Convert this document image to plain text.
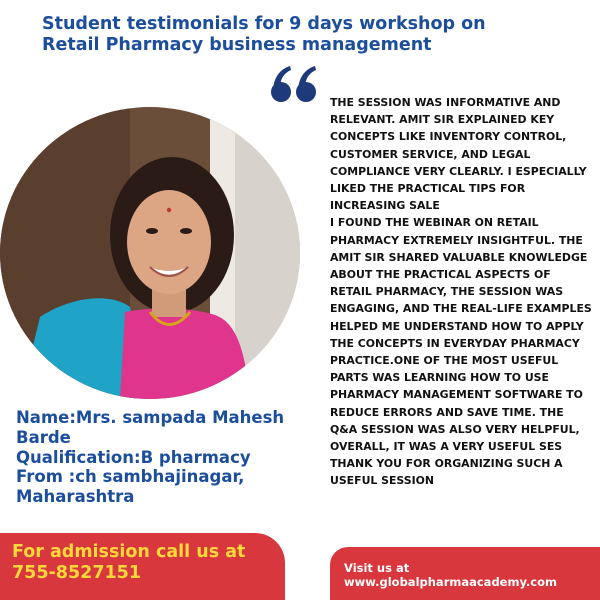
Student testimonials for 9 days workshop on Retail Pharmacy business management

THE SESSION WAS INFORMATIVE AND RELEVANT. AMIT SIR EXPLAINED KEY CONCEPTS LIKE INVENTORY CONTROL, CUSTOMER SERVICE, AND LEGAL COMPLIANCE VERY CLEARLY. I ESPECIALLY LIKED THE PRACTICAL TIPS FOR INCREASING SALE
I FOUND THE WEBINAR ON RETAIL PHARMACY EXTREMELY INSIGHTFUL. THE AMIT SIR SHARED VALUABLE KNOWLEDGE ABOUT THE PRACTICAL ASPECTS OF RETAIL PHARMACY, THE SESSION WAS ENGAGING, AND THE REAL-LIFE EXAMPLES HELPED ME UNDERSTAND HOW TO APPLY THE CONCEPTS IN EVERYDAY PHARMACY PRACTICE.ONE OF THE MOST USEFUL PARTS WAS LEARNING HOW TO USE PHARMACY MANAGEMENT SOFTWARE TO REDUCE ERRORS AND SAVE TIME. THE Q&A SESSION WAS ALSO VERY HELPFUL,
OVERALL, IT WAS A VERY USEFUL SES THANK YOU FOR ORGANIZING SUCH A USEFUL SESSION

Name:Mrs. sampada Mahesh Barde
Qualification:B pharmacy
From :ch sambhajinagar, Maharashtra
For admission call us at
755-8527151	Visit us at
www.globalpharmaacademy.com
